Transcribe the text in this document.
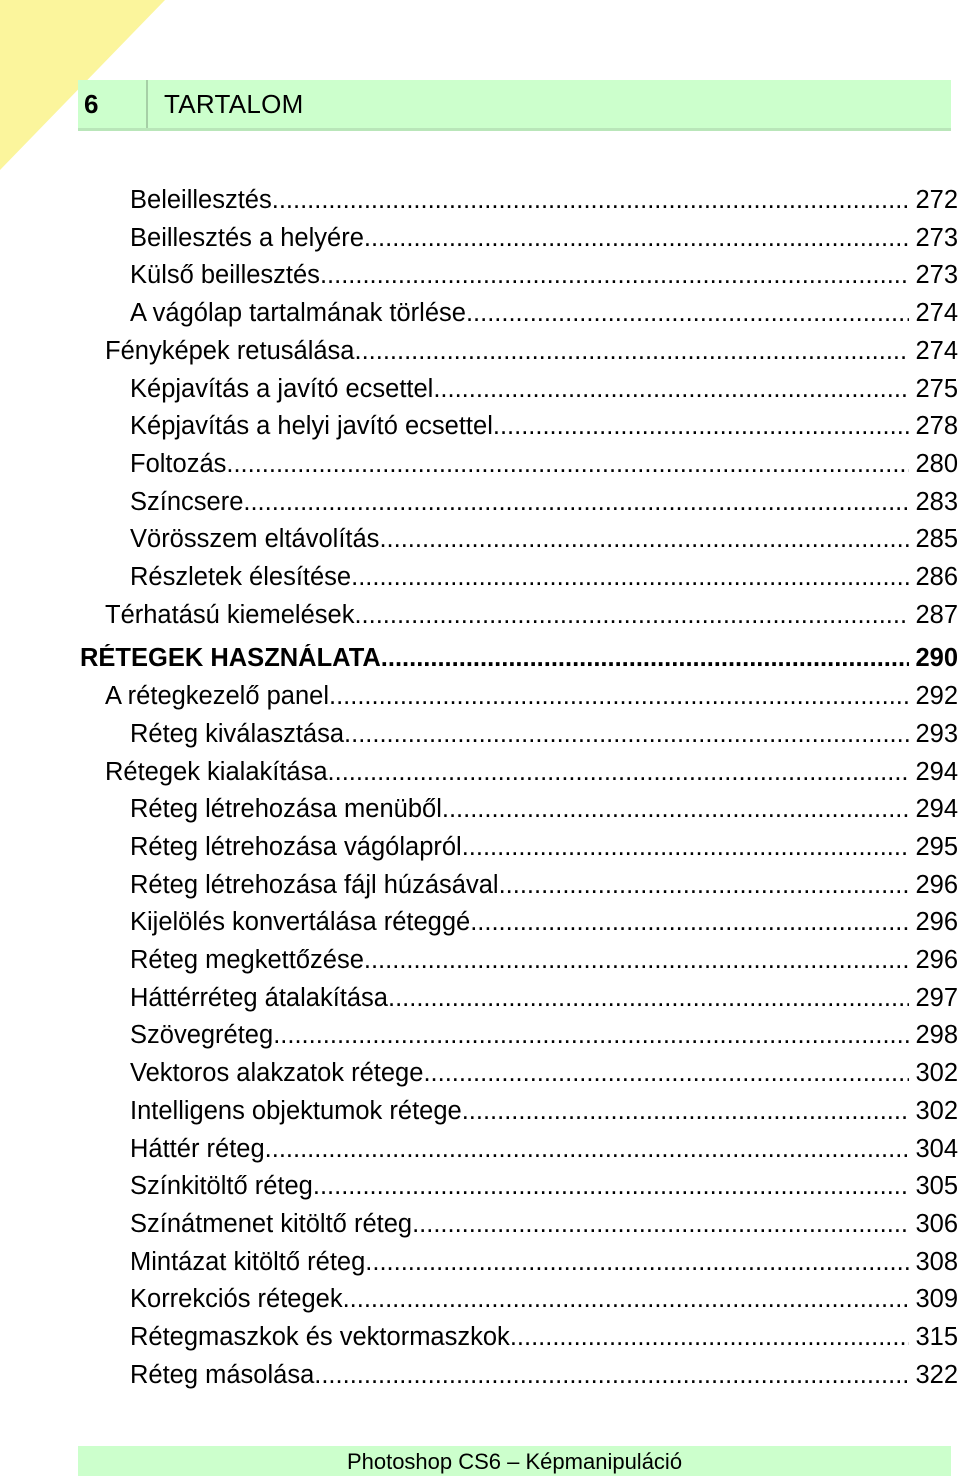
6	TARTALOM
Beleillesztés .....	272
Beillesztés a helyére .....	273
Külső beillesztés .....	273
A vágólap tartalmának törlése .....	274
Fényképek retusálása .....	274
Képjavítás a javító ecsettel .....	275
Képjavítás a helyi javító ecsettel .....	278
Foltozás .....	280
Színcsere .....	283
Vörösszem eltávolítás .....	285
Részletek élesítése .....	286
Térhatású kiemelések .....	287
RÉTEGEK HASZNÁLATA .....	290
A rétegkezelő panel .....	292
Réteg kiválasztása .....	293
Rétegek kialakítása .....	294
Réteg létrehozása menüből .....	294
Réteg létrehozása vágólapról .....	295
Réteg létrehozása fájl húzásával .....	296
Kijelölés konvertálása réteggé .....	296
Réteg megkettőzése .....	296
Háttérréteg átalakítása .....	297
Szövegréteg .....	298
Vektoros alakzatok rétege .....	302
Intelligens objektumok rétege .....	302
Háttér réteg .....	304
Színkitöltő réteg .....	305
Színátmenet kitöltő réteg .....	306
Mintázat kitöltő réteg .....	308
Korrekciós rétegek .....	309
Rétegmaszkok és vektormaszkok .....	315
Réteg másolása .....	322
Photoshop CS6 – Képmanipuláció
